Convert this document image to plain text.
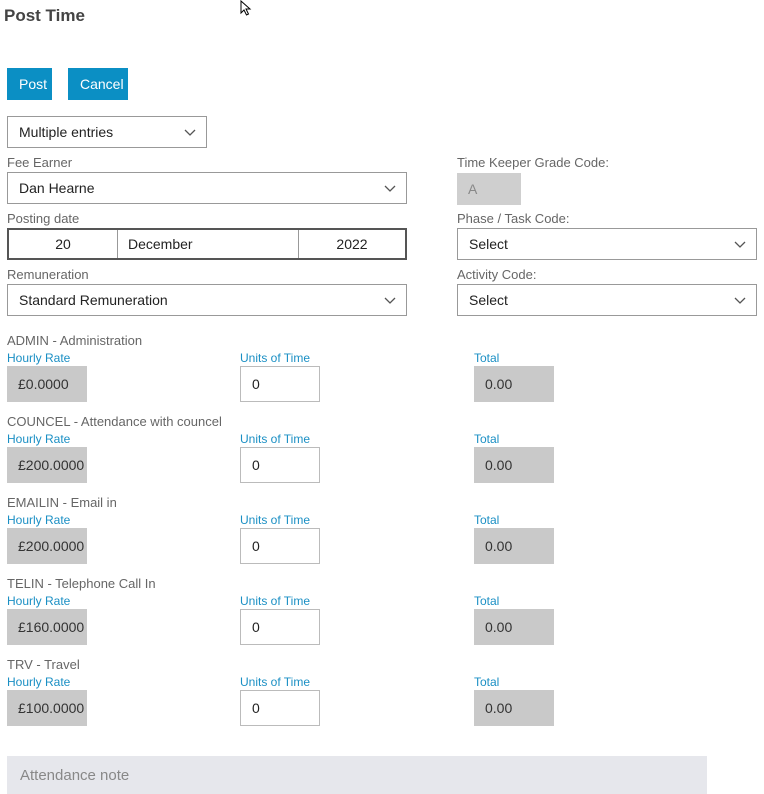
Post Time
Post	Cancel
Multiple entries
Fee Earner
Dan Hearne
Time Keeper Grade Code:
A
Posting date
20	December	2022
Phase / Task Code:
Select
Remuneration
Standard Remuneration
Activity Code:
Select
ADMIN - Administration
Hourly Rate	Units of Time	Total
£0.0000	0	0.00
COUNCEL - Attendance with councel
Hourly Rate	Units of Time	Total
£200.0000	0	0.00
EMAILIN - Email in
Hourly Rate	Units of Time	Total
£200.0000	0	0.00
TELIN - Telephone Call In
Hourly Rate	Units of Time	Total
£160.0000	0	0.00
TRV - Travel
Hourly Rate	Units of Time	Total
£100.0000	0	0.00
Attendance note
